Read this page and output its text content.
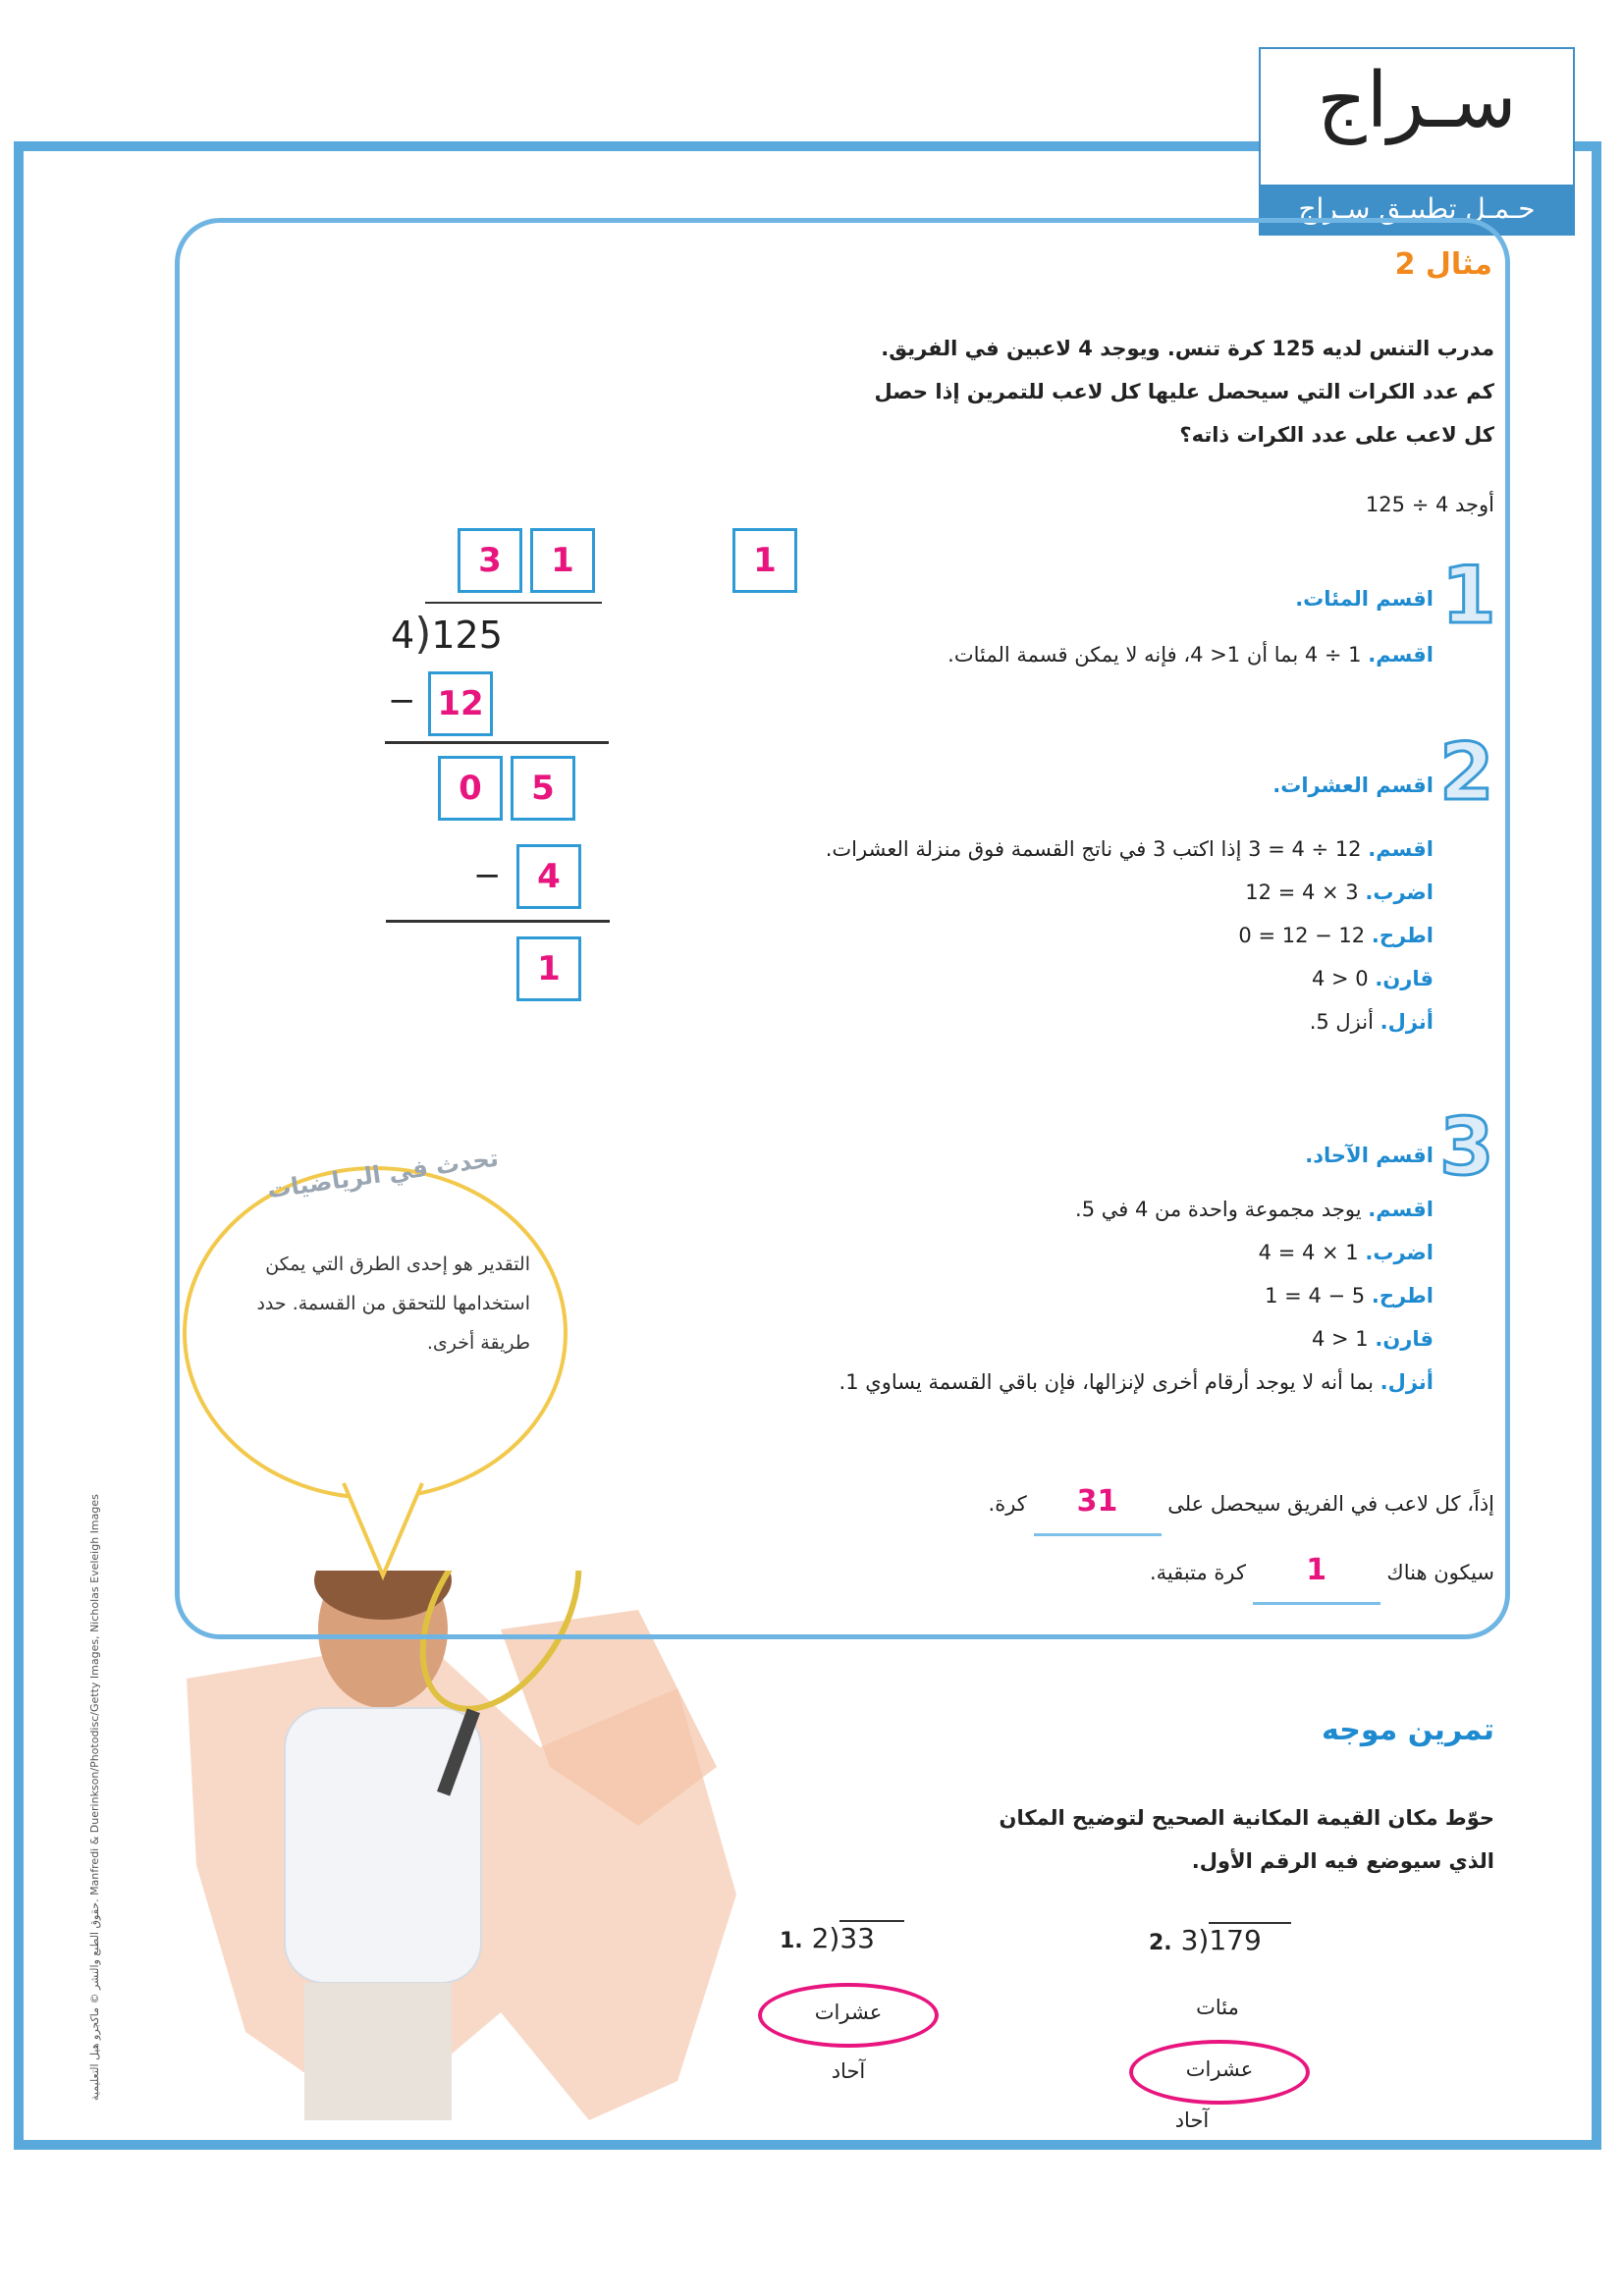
سـراج
حـمـل تطبيـق سـراج
حقوق الطبع والنشر © ماكجرو هيل التعليمية. Manfredi & Duerinkson/Photodisc/Getty Images, Nicholas Eveleigh Images
مثال 2
مدرب التنس لديه 125 كرة تنس. ويوجد 4 لاعبين في الفريق.
كم عدد الكرات التي سيحصل عليها كل لاعب للتمرين إذا حصل
كل لاعب على عدد الكرات ذاته؟
أوجد 4 ÷ 125
3	1	1
4)125
− 12
0	5
−	4
1
1
اقسم المئات.
اقسم. 1 ÷ 4 بما أن 1< 4، فإنه لا يمكن قسمة المئات.
2
اقسم العشرات.
اقسم. 12 ÷ 4 = 3 إذا اكتب 3 في ناتج القسمة فوق منزلة العشرات.
اضرب. 3 × 4 = 12
اطرح. 12 − 12 = 0
قارن. 0 < 4
أنزل. أنزل 5.
3
اقسم الآحاد.
اقسم. يوجد مجموعة واحدة من 4 في 5.
اضرب. 1 × 4 = 4
اطرح. 5 − 4 = 1
قارن. 1 < 4
أنزل. بما أنه لا يوجد أرقام أخرى لإنزالها، فإن باقي القسمة يساوي 1.
إذاً، كل لاعب في الفريق سيحصل على 31 كرة.
سيكون هناك 1 كرة متبقية.
تحدث في الرياضيات
التقدير هو إحدى الطرق التي يمكن استخدامها للتحقق من القسمة. حدد طريقة أخرى.
تمرين موجه
حوّط مكان القيمة المكانية الصحيح لتوضيح المكان
الذي سيوضع فيه الرقم الأول.
1. 2)33
عشرات
آحاد
2. 3)179
مئات
عشرات
آحاد
